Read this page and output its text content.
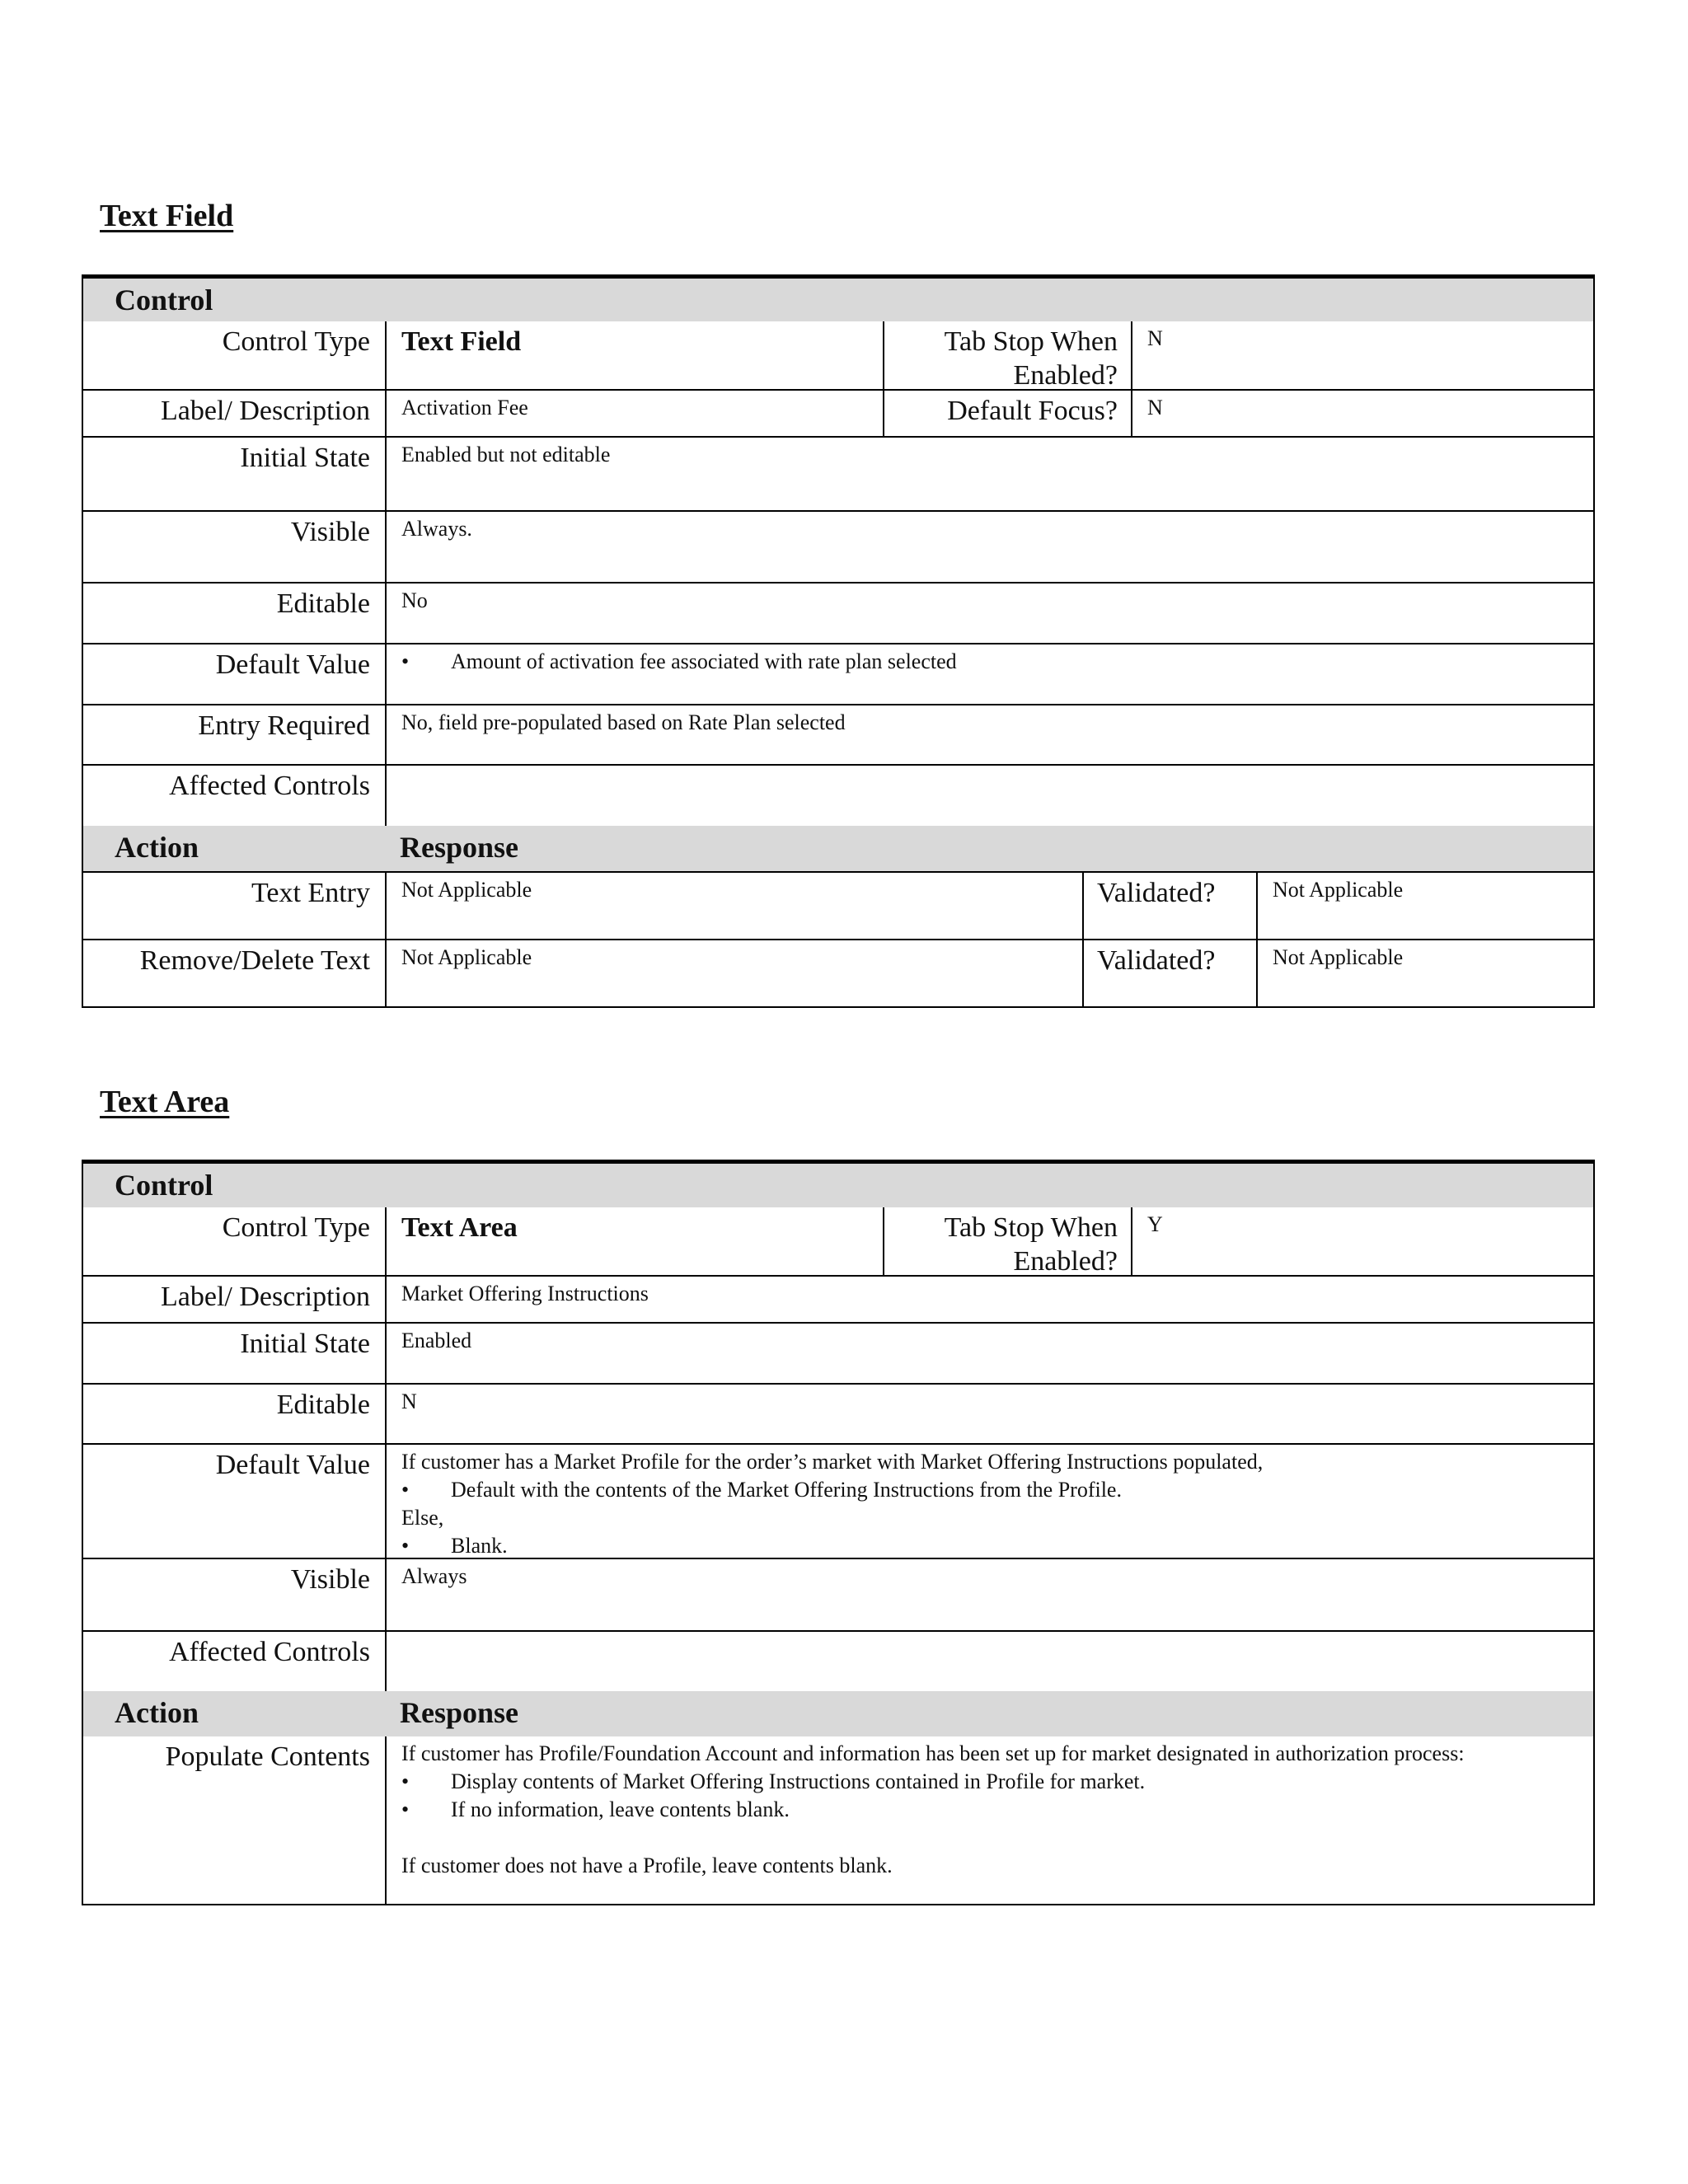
Text Field
Control
Control Type	Text Field	Tab Stop When Enabled?
N
Label/ Description	Activation Fee	Default Focus?	N
Initial State	Enabled but not editable
Visible	Always.
Editable	No
Default Value
•	Amount of activation fee associated with rate plan selected
Entry Required	No, field pre-populated based on Rate Plan selected
Affected Controls
Action	Response
Text Entry	Not Applicable	Validated?	Not Applicable
Remove/Delete Text	Not Applicable	Validated?	Not Applicable
Text Area
Control
Control Type	Text Area	Tab Stop When Enabled?
Y
Label/ Description	Market Offering Instructions
Initial State	Enabled
Editable	N
Default Value	If customer has a Market Profile for the order’s market with Market Offering Instructions populated,
• Default with the contents of the Market Offering Instructions from the Profile.
Else,
• Blank.
Visible	Always
Affected Controls
Action	Response
Populate Contents	If customer has Profile/Foundation Account and information has been set up for market designated in authorization process:
• Display contents of Market Offering Instructions contained in Profile for market.
• If no information, leave contents blank.
If customer does not have a Profile, leave contents blank.
